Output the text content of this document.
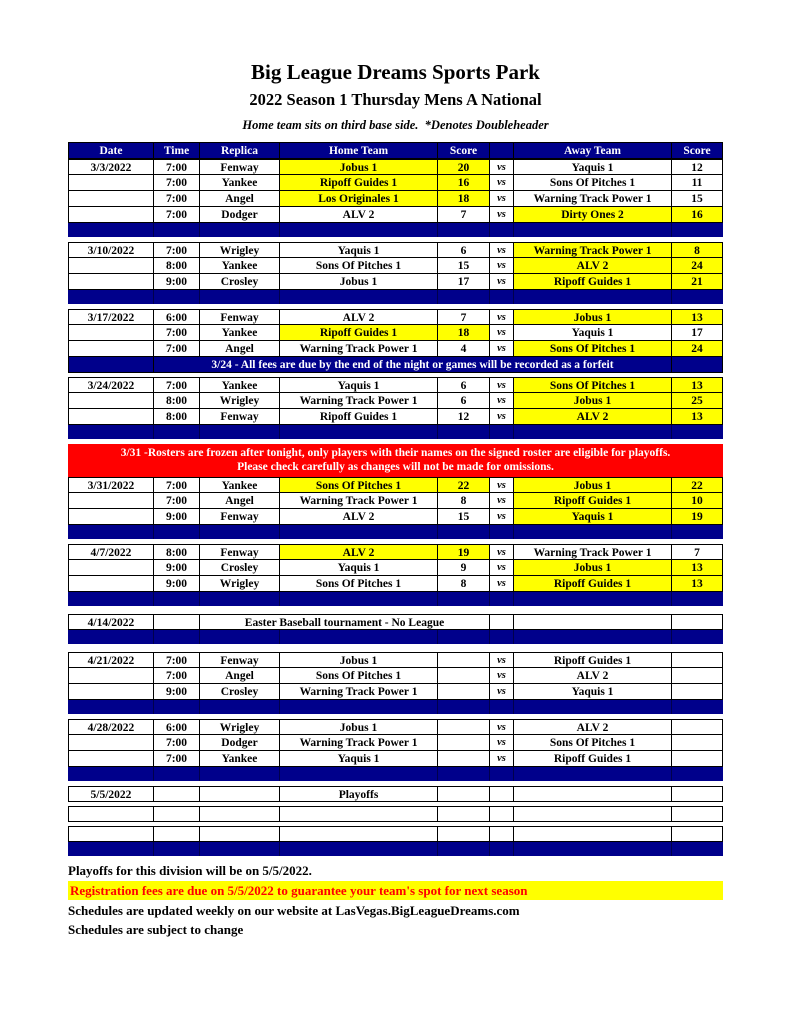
Big League Dreams Sports Park
2022 Season 1 Thursday Mens A National
Home team sits on third base side.  *Denotes Doubleheader
Date	Time	Replica	Home Team	Score	Away Team	Score
3/3/2022	7:00	Fenway	Jobus 1	20	vs	Yaquis 1	12
7:00	Yankee	Ripoff Guides 1	16	vs	Sons Of Pitches 1	11
7:00	Angel	Los Originales 1	18	vs	Warning Track Power 1	15
7:00	Dodger	ALV 2	7	vs	Dirty Ones 2	16
3/10/2022	7:00	Wrigley	Yaquis 1	6	vs	Warning Track Power 1	8
8:00	Yankee	Sons Of Pitches 1	15	vs	ALV 2	24
9:00	Crosley	Jobus 1	17	vs	Ripoff Guides 1	21
3/17/2022	6:00	Fenway	ALV 2	7	vs	Jobus 1	13
7:00	Yankee	Ripoff Guides 1	18	vs	Yaquis 1	17
7:00	Angel	Warning Track Power 1	4	vs	Sons Of Pitches 1	24
3/24 - All fees are due by the end of the night or games will be recorded as a forfeit
3/24/2022	7:00	Yankee	Yaquis 1	6	vs	Sons Of Pitches 1	13
8:00	Wrigley	Warning Track Power 1	6	vs	Jobus 1	25
8:00	Fenway	Ripoff Guides 1	12	vs	ALV 2	13
3/31 -Rosters are frozen after tonight, only players with their names on the signed roster are eligible for playoffs.
Please check carefully as changes will not be made for omissions.
3/31/2022	7:00	Yankee	Sons Of Pitches 1	22	vs	Jobus 1	22
7:00	Angel	Warning Track Power 1	8	vs	Ripoff Guides 1	10
9:00	Fenway	ALV 2	15	vs	Yaquis 1	19
4/7/2022	8:00	Fenway	ALV 2	19	vs	Warning Track Power 1	7
9:00	Crosley	Yaquis 1	9	vs	Jobus 1	13
9:00	Wrigley	Sons Of Pitches 1	8	vs	Ripoff Guides 1	13
4/14/2022	Easter Baseball tournament - No League
4/21/2022	7:00	Fenway	Jobus 1	vs	Ripoff Guides 1
7:00	Angel	Sons Of Pitches 1	vs	ALV 2
9:00	Crosley	Warning Track Power 1	vs	Yaquis 1
4/28/2022	6:00	Wrigley	Jobus 1	vs	ALV 2
7:00	Dodger	Warning Track Power 1	vs	Sons Of Pitches 1
7:00	Yankee	Yaquis 1	vs	Ripoff Guides 1
5/5/2022	Playoffs
Playoffs for this division will be on 5/5/2022.
Registration fees are due on 5/5/2022 to guarantee your team's spot for next season
Schedules are updated weekly on our website at LasVegas.BigLeagueDreams.com
Schedules are subject to change
